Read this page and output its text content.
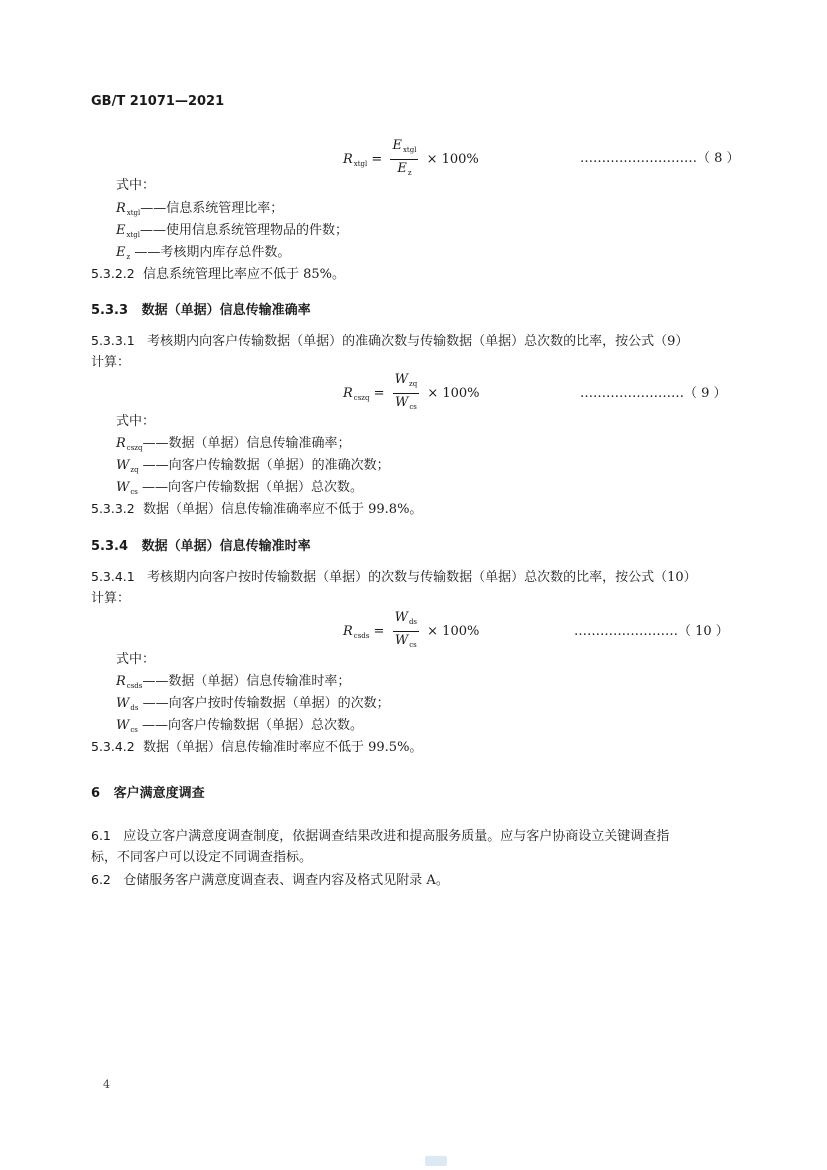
GB/T 21071—2021
$R_{xtgl} = \frac{E_{xtgl}}{E_z} \times 100\%$	………………………（ 8 ）
式中：
$R_{xtgl}——$信息系统管理比率；
$E_{xtgl}——$使用信息系统管理物品的件数；
$E_z$ ——考核期内库存总件数。
5.3.2.2 信息系统管理比率应不低于 85%。
5.3.3 数据（单据）信息传输准确率
5.3.3.1 考核期内向客户传输数据（单据）的准确次数与传输数据（单据）总次数的比率，按公式（9）
计算：
$R_{cszq} = \frac{W_{zq}}{W_{cs}} \times 100\%$	……………………（ 9 ）
式中：
$R_{cszq}——$数据（单据）信息传输准确率；
$W_{zq}$ ——向客户传输数据（单据）的准确次数；
$W_{cs}$ ——向客户传输数据（单据）总次数。
5.3.3.2 数据（单据）信息传输准确率应不低于 99.8%。
5.3.4 数据（单据）信息传输准时率
5.3.4.1 考核期内向客户按时传输数据（单据）的次数与传输数据（单据）总次数的比率，按公式（10）
计算：
$R_{csds} = \frac{W_{ds}}{W_{cs}} \times 100\%$	……………………（ 10 ）
式中：
$R_{csds}——$数据（单据）信息传输准时率；
$W_{ds}$ ——向客户按时传输数据（单据）的次数；
$W_{cs}$ ——向客户传输数据（单据）总次数。
5.3.4.2 数据（单据）信息传输准时率应不低于 99.5%。
6 客户满意度调查
6.1 应设立客户满意度调查制度，依据调查结果改进和提高服务质量。应与客户协商设立关键调查指
标，不同客户可以设定不同调查指标。
6.2 仓储服务客户满意度调查表、调查内容及格式见附录 A。
4
